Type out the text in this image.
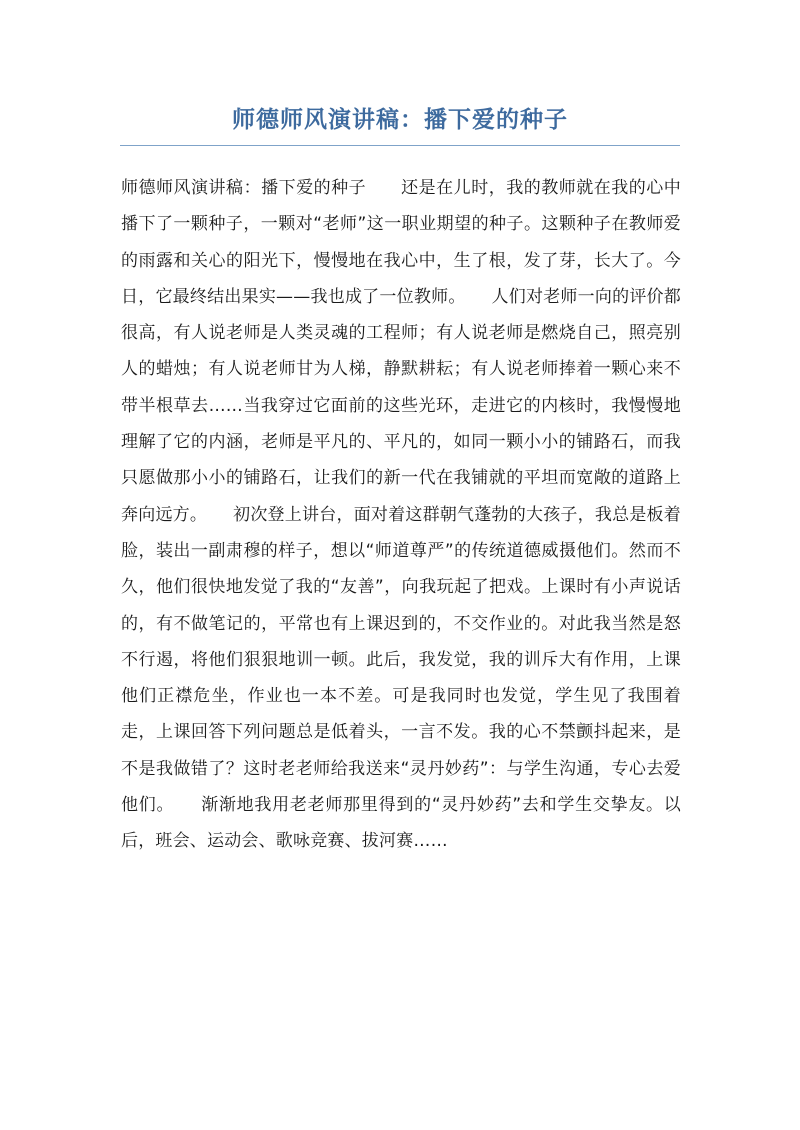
师德师风演讲稿：播下爱的种子

师德师风演讲稿：播下爱的种子　　还是在儿时，我的教师就在我的心中播下了一颗种子，一颗对“老师”这一职业期望的种子。这颗种子在教师爱的雨露和关心的阳光下，慢慢地在我心中，生了根，发了芽，长大了。今日，它最终结出果实——我也成了一位教师。　　人们对老师一向的评价都很高，有人说老师是人类灵魂的工程师；有人说老师是燃烧自己，照亮别人的蜡烛；有人说老师甘为人梯，静默耕耘；有人说老师捧着一颗心来不带半根草去……当我穿过它面前的这些光环，走进它的内核时，我慢慢地理解了它的内涵，老师是平凡的、平凡的，如同一颗小小的铺路石，而我只愿做那小小的铺路石，让我们的新一代在我铺就的平坦而宽敞的道路上奔向远方。　　初次登上讲台，面对着这群朝气蓬勃的大孩子，我总是板着脸，装出一副肃穆的样子，想以“师道尊严”的传统道德威摄他们。然而不久，他们很快地发觉了我的“友善”，向我玩起了把戏。上课时有小声说话的，有不做笔记的，平常也有上课迟到的，不交作业的。对此我当然是怒不行遏，将他们狠狠地训一顿。此后，我发觉，我的训斥大有作用，上课他们正襟危坐，作业也一本不差。可是我同时也发觉，学生见了我围着走，上课回答下列问题总是低着头，一言不发。我的心不禁颤抖起来，是不是我做错了？这时老老师给我送来“灵丹妙药”：与学生沟通，专心去爱他们。　　渐渐地我用老老师那里得到的“灵丹妙药”去和学生交挚友。以后，班会、运动会、歌咏竞赛、拔河赛……
